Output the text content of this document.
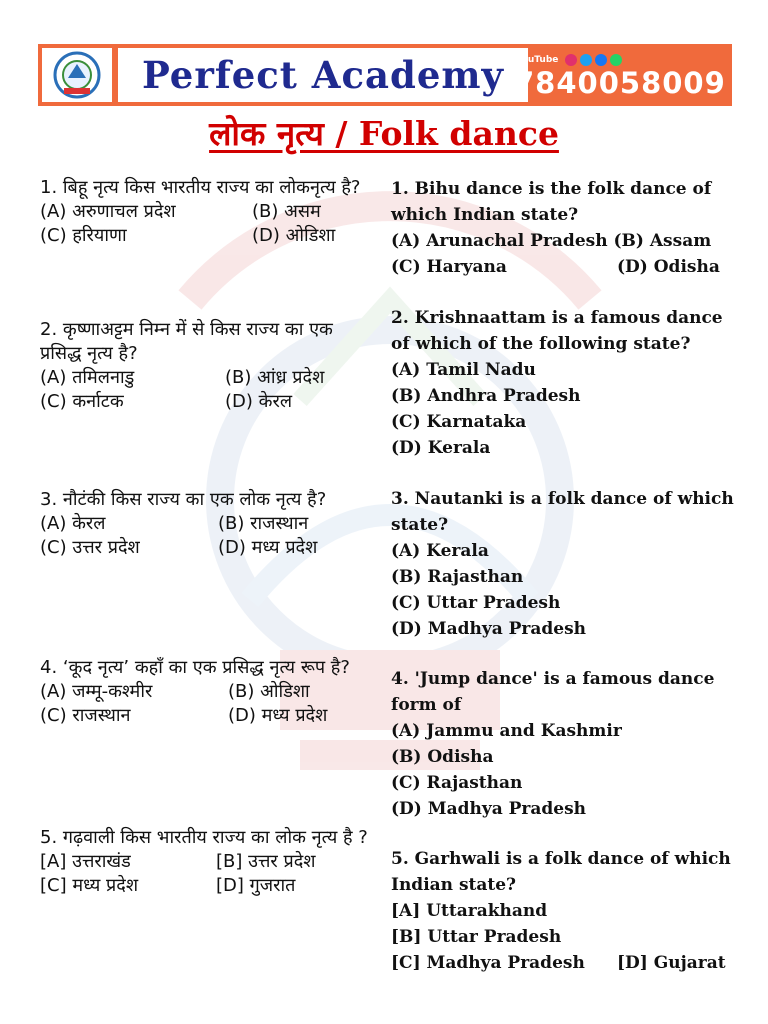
Perfect Academy YouTube
7840058009
लोक नृत्य / Folk dance

1. बिहू नृत्य किस भारतीय राज्य का लोकनृत्य है?

(A) अरुणाचल प्रदेश	(B) असम
(C) हरियाणा	(D) ओडिशा

2. कृष्णाअट्टम निम्न में से किस राज्य का एक प्रसिद्ध नृत्य है?

(A) तमिलनाडु	(B) आंध्र प्रदेश
(C) कर्नाटक	(D) केरल

3. नौटंकी किस राज्य का एक लोक नृत्य है?

(A) केरल	(B) राजस्थान
(C) उत्तर प्रदेश	(D) मध्य प्रदेश

4. ‘कूद नृत्य’ कहाँ का एक प्रसिद्ध नृत्य रूप है?

(A) जम्मू-कश्मीर	(B) ओडिशा
(C) राजस्थान	(D) मध्य प्रदेश

5. गढ़वाली किस भारतीय राज्य का लोक नृत्य है ?

[A] उत्तराखंड	[B] उत्तर प्रदेश
[C] मध्य प्रदेश	[D] गुजरात

1. Bihu dance is the folk dance of which Indian state?

(A) Arunachal Pradesh (B) Assam
(C) Haryana	(D) Odisha

2. Krishnaattam is a famous dance of which of the following state?

(A) Tamil Nadu
(B) Andhra Pradesh
(C) Karnataka
(D) Kerala

3. Nautanki is a folk dance of which state?

(A) Kerala
(B) Rajasthan
(C) Uttar Pradesh
(D) Madhya Pradesh

4. 'Jump dance' is a famous dance form of

(A) Jammu and Kashmir
(B) Odisha
(C) Rajasthan
(D) Madhya Pradesh

5. Garhwali is a folk dance of which Indian state?

[A] Uttarakhand
[B] Uttar Pradesh
[C] Madhya Pradesh	[D] Gujarat
